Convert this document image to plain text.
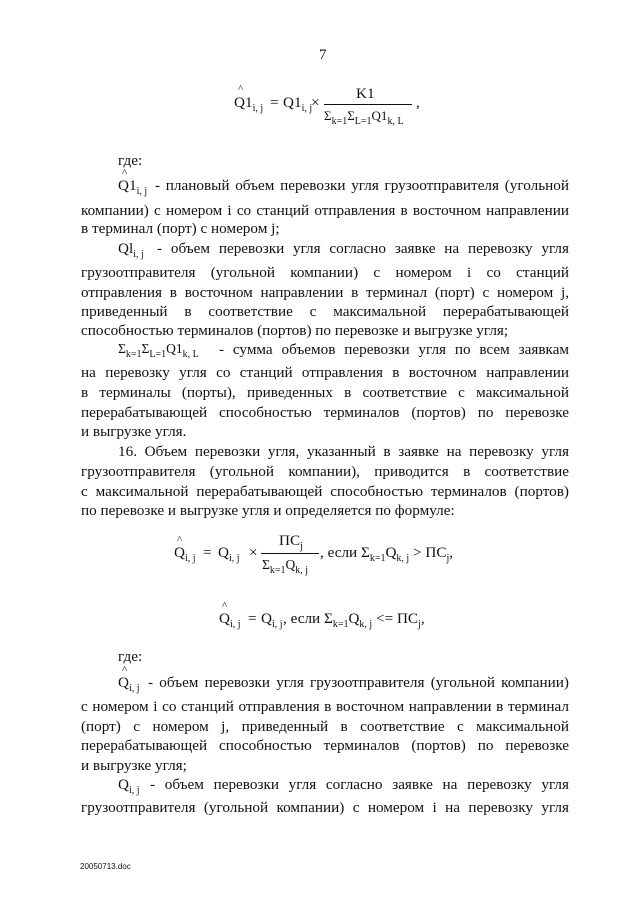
7
^
$Q1_{i, j} = Q1_{i, j}$
×
K1
$\Sigma_{k=1}\Sigma_{L=1}Q1_{k, L}$
,
где:
^
$Q1_{i, j}$ - плановый объем перевозки угля грузоотправителя (угольной
компании) с номером i со станций отправления в восточном направлении
в терминал (порт) с номером j;
$Ql_{i, j}$ - объем перевозки угля согласно заявке на перевозку угля
грузоотправителя (угольной компании) с номером i со станций
отправления в восточном направлении в терминал (порт) с номером j,
приведенный в соответствие с максимальной перерабатывающей
способностью терминалов (портов) по перевозке и выгрузке угля;
$\Sigma_{k=1}\Sigma_{L=1}Q1_{k, L}$ - сумма объемов перевозки угля по всем заявкам
на перевозку угля со станций отправления в восточном направлении
в терминалы (порты), приведенных в соответствие с максимальной
перерабатывающей способностью терминалов (портов) по перевозке
и выгрузке угля.
16. Объем перевозки угля, указанный в заявке на перевозку угля
грузоотправителя (угольной компании), приводится в соответствие
с максимальной перерабатывающей способностью терминалов (портов)
по перевозке и выгрузке угля и определяется по формуле:
^
$Q_{i, j} = Q_{i, j}$ ×
$ПС_j$
$\Sigma_{k=1}Q_{k, j}$
, если $\Sigma_{k=1}Q_{k, j} > ПС_j$,
^
$Q_{i, j} = Q_{i, j}$ , если $\Sigma_{k=1}Q_{k, j} <= ПС_j$,
где:
^
$Q_{i, j}$ - объем перевозки угля грузоотправителя (угольной компании)
с номером i со станций отправления в восточном направлении в терминал
(порт) с номером j, приведенный в соответствие с максимальной
перерабатывающей способностью терминалов (портов) по перевозке
и выгрузке угля;
$Q_{i, j}$ - объем перевозки угля согласно заявке на перевозку угля
грузоотправителя (угольной компании) с номером i на перевозку угля
20050713.doc
